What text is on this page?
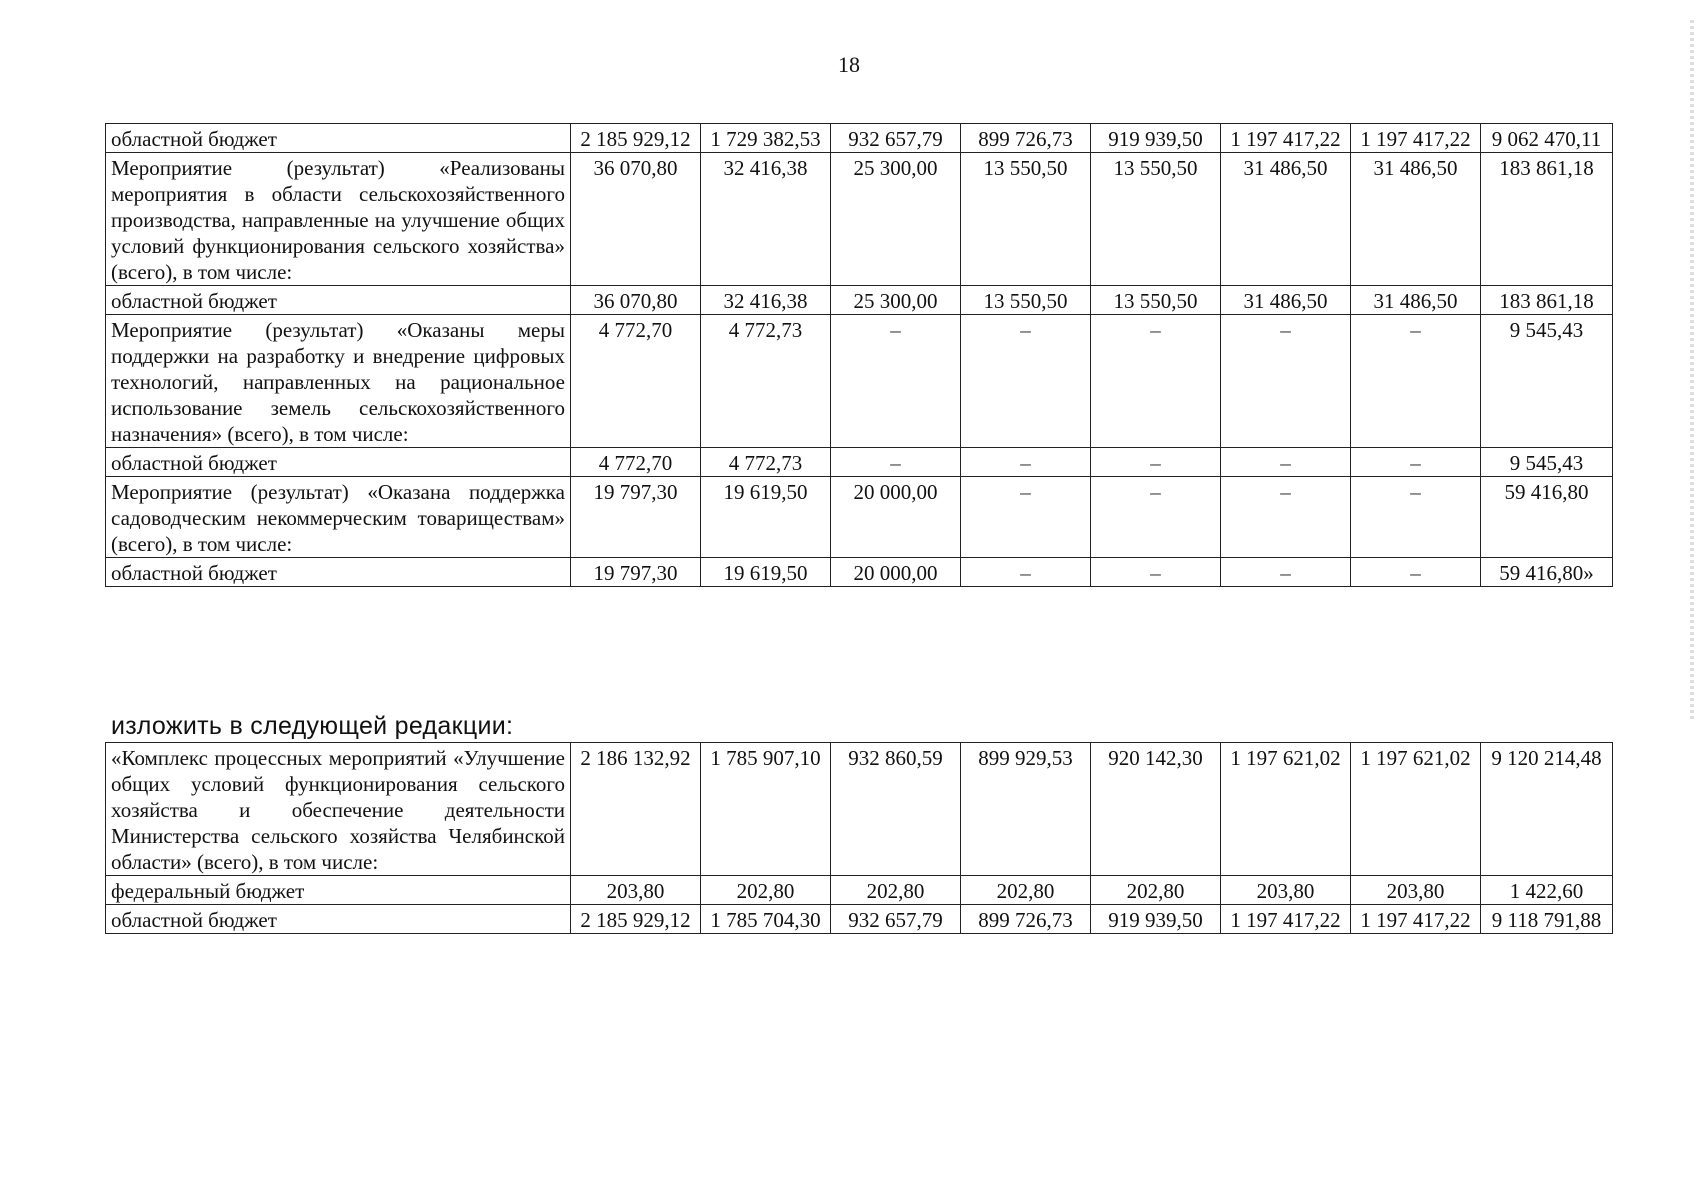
18
областной бюджет	2 185 929,12	1 729 382,53	932 657,79	899 726,73	919 939,50	1 197 417,22	1 197 417,22	9 062 470,11
Мероприятие (результат) «Реализованы мероприятия в области сельскохозяйственного производства, направленные на улучшение общих условий функционирования сельского хозяйства» (всего), в том числе:	36 070,80	32 416,38	25 300,00	13 550,50	13 550,50	31 486,50	31 486,50	183 861,18
областной бюджет	36 070,80	32 416,38	25 300,00	13 550,50	13 550,50	31 486,50	31 486,50	183 861,18
Мероприятие (результат) «Оказаны меры поддержки на разработку и внедрение цифровых технологий, направленных на рациональное использование земель сельскохозяйственного назначения» (всего), в том числе:	4 772,70	4 772,73	–	–	–	–	–	9 545,43
областной бюджет	4 772,70	4 772,73	–	–	–	–	–	9 545,43
Мероприятие (результат) «Оказана поддержка садоводческим некоммерческим товариществам» (всего), в том числе:	19 797,30	19 619,50	20 000,00	–	–	–	–	59 416,80
областной бюджет	19 797,30	19 619,50	20 000,00	–	–	–	–	59 416,80»
изложить в следующей редакции:
«Комплекс процессных мероприятий «Улучшение общих условий функционирования сельского хозяйства и обеспечение деятельности Министерства сельского хозяйства Челябинской области» (всего), в том числе:	2 186 132,92	1 785 907,10	932 860,59	899 929,53	920 142,30	1 197 621,02	1 197 621,02	9 120 214,48
федеральный бюджет	203,80	202,80	202,80	202,80	202,80	203,80	203,80	1 422,60
областной бюджет	2 185 929,12	1 785 704,30	932 657,79	899 726,73	919 939,50	1 197 417,22	1 197 417,22	9 118 791,88
